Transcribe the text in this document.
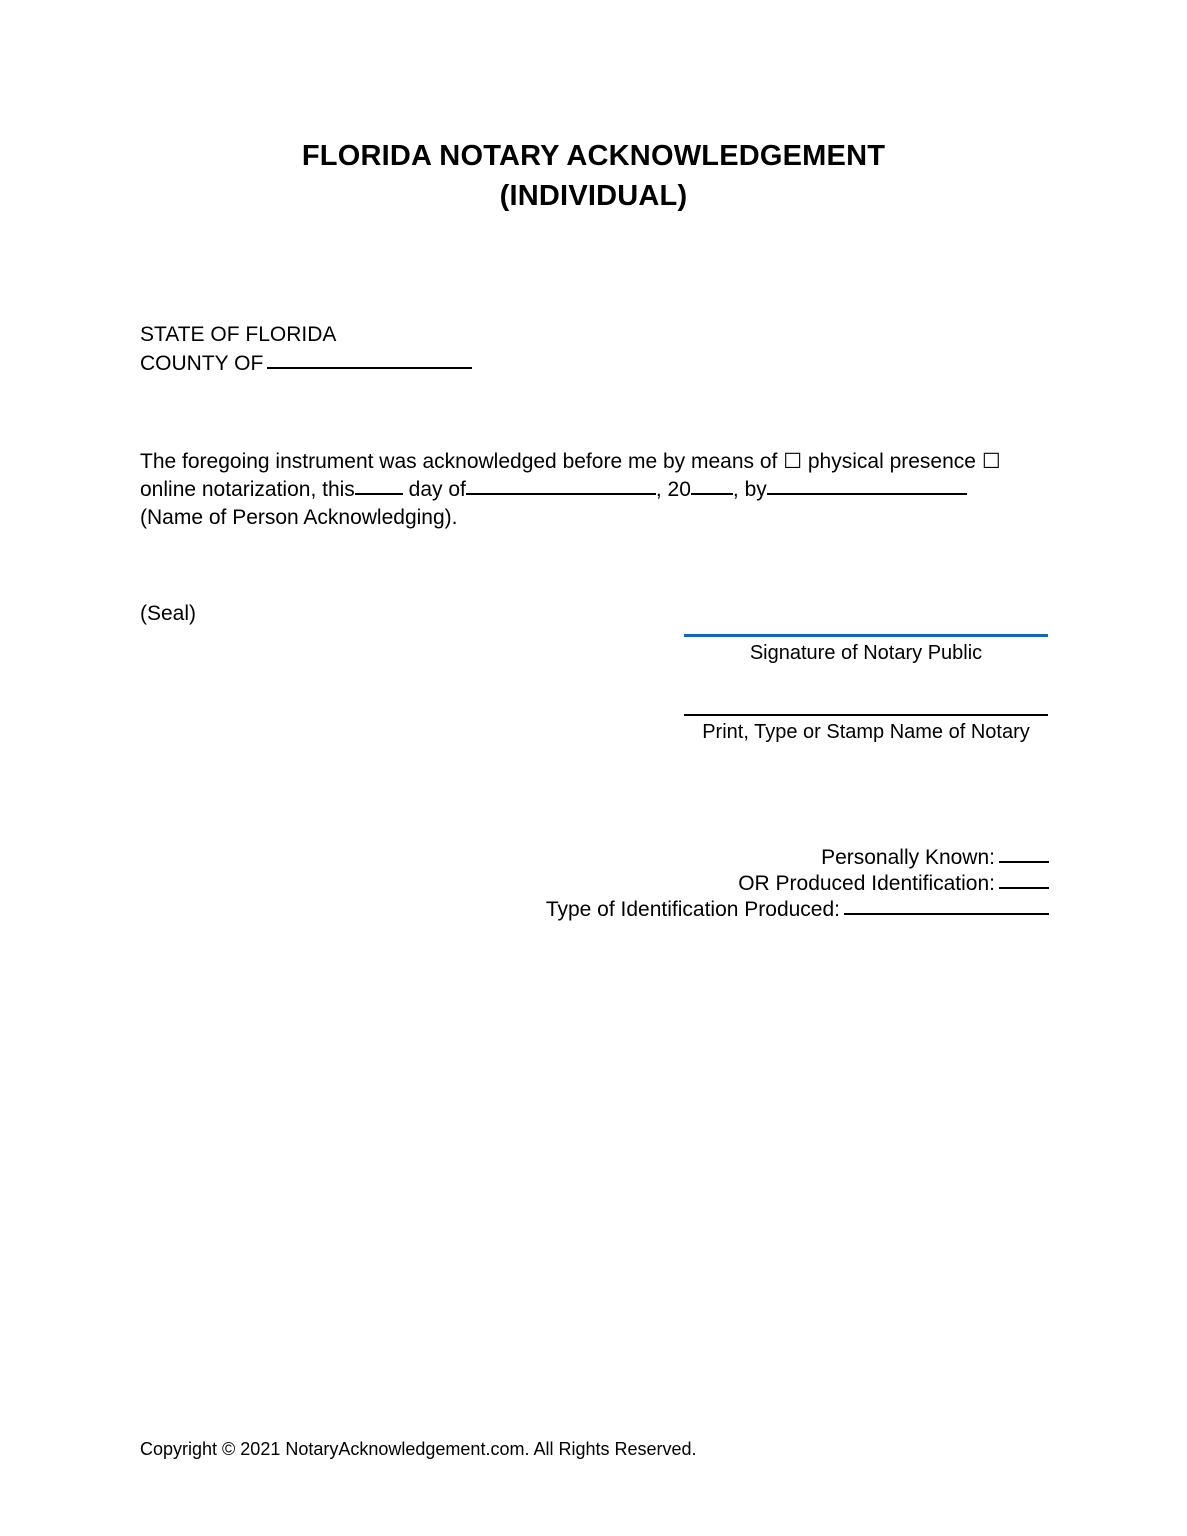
FLORIDA NOTARY ACKNOWLEDGEMENT
(INDIVIDUAL)
STATE OF FLORIDA
COUNTY OF
The foregoing instrument was acknowledged before me by means of ☐ physical presence ☐
online notarization, this	day of	, 20 , by
(Name of Person Acknowledging).
(Seal)
Signature of Notary Public
Print, Type or Stamp Name of Notary
Personally Known:
OR Produced Identification:
Type of Identification Produced:
Copyright © 2021 NotaryAcknowledgement.com. All Rights Reserved.
